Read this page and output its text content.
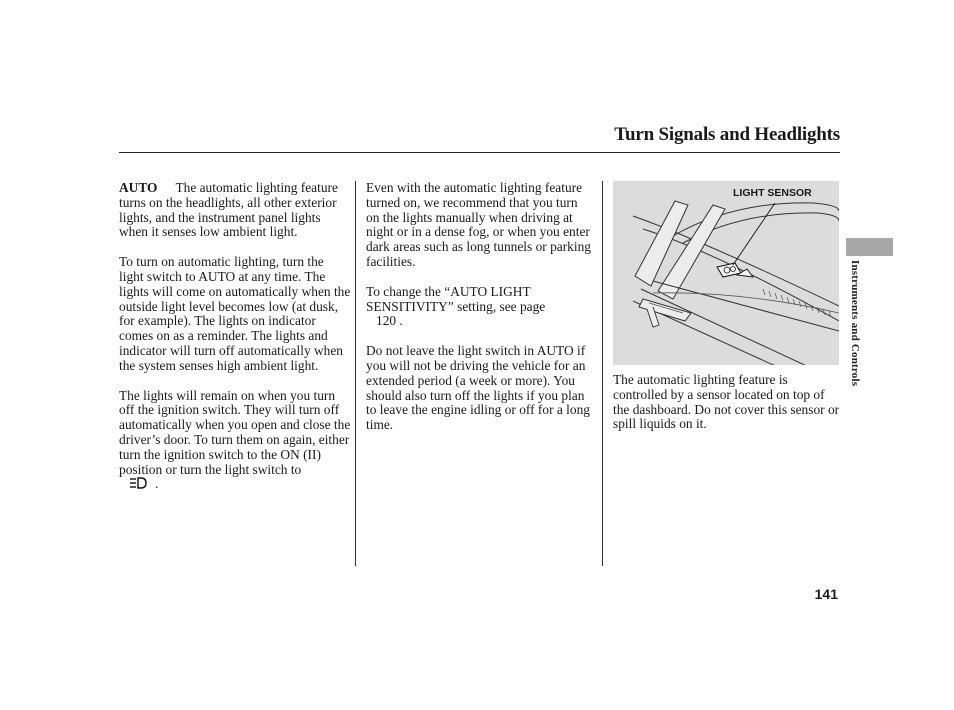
Turn Signals and Headlights

AUTO The automatic lighting feature turns on the headlights, all other exterior lights, and the instrument panel lights when it senses low ambient light.

To turn on automatic lighting, turn the light switch to AUTO at any time. The lights will come on automatically when the outside light level becomes low (at dusk, for example). The lights on indicator comes on as a reminder. The lights and indicator will turn off automatically when the system senses high ambient light.

The lights will remain on when you turn off the ignition switch. They will turn off automatically when you open and close the driver’s door. To turn them on again, either turn the ignition switch to the ON (II) position or turn the light switch to
.

Even with the automatic lighting feature turned on, we recommend that you turn on the lights manually when driving at night or in a dense fog, or when you enter dark areas such as long tunnels or parking facilities.

To change the “AUTO LIGHT SENSITIVITY” setting, see page
120 .

Do not leave the light switch in AUTO if you will not be driving the vehicle for an extended period (a week or more). You should also turn off the lights if you plan to leave the engine idling or off for a long time.

LIGHT SENSOR

The automatic lighting feature is controlled by a sensor located on top of the dashboard. Do not cover this sensor or spill liquids on it.

Instruments and Controls
141
